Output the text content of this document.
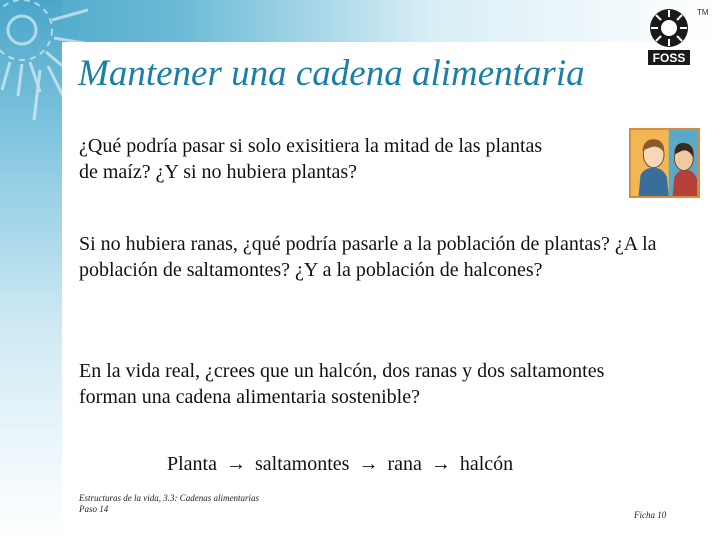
FOSS
TM
Mantener una cadena alimentaria

¿Qué podría pasar si solo exisitiera la mitad de las plantas de maíz? ¿Y si no hubiera plantas?

Si no hubiera ranas, ¿qué podría pasarle a la población de plantas? ¿A la población de saltamontes? ¿Y a la población de halcones?

En la vida real, ¿crees que un halcón, dos ranas y dos saltamontes forman una cadena alimentaria sostenible?

Planta → saltamontes → rana → halcón
Estructuras de la vida, 3.3: Cadenas alimentarias
Paso 14
Ficha 10
